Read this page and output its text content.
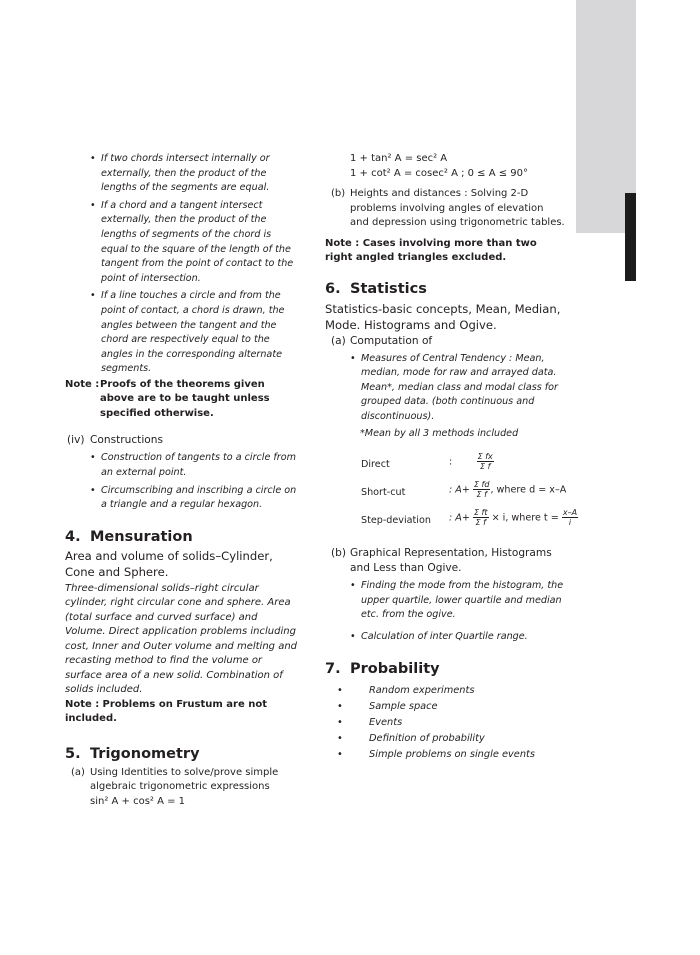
• If two chords intersect internally or externally, then the product of the lengths of the segments are equal.
• If a chord and a tangent intersect externally, then the product of the lengths of segments of the chord is equal to the square of the length of the tangent from the point of contact to the point of intersection.
• If a line touches a circle and from the point of contact, a chord is drawn, the angles between the tangent and the chord are respectively equal to the angles in the corresponding alternate segments.
Note : Proofs of the theorems given above are to be taught unless specified otherwise.
(iv) Constructions
• Construction of tangents to a circle from an external point.
• Circumscribing and inscribing a circle on a triangle and a regular hexagon.
4. Mensuration
Area and volume of solids–Cylinder, Cone and Sphere.
Three-dimensional solids–right circular cylinder, right circular cone and sphere. Area (total surface and curved surface) and Volume. Direct application problems including cost, Inner and Outer volume and melting and recasting method to find the volume or surface area of a new solid. Combination of solids included.
Note : Problems on Frustum are not included.
5. Trigonometry
(a) Using Identities to solve/prove simple algebraic trigonometric expressions
sin² A + cos² A = 1
1 + tan² A = sec² A
1 + cot² A = cosec² A ; 0 ≤ A ≤ 90°
(b) Heights and distances : Solving 2-D problems involving angles of elevation and depression using trigonometric tables.
Note : Cases involving more than two right angled triangles excluded.
6. Statistics
Statistics-basic concepts, Mean, Median, Mode. Histograms and Ogive.
(a) Computation of
• Measures of Central Tendency : Mean, median, mode for raw and arrayed data. Mean*, median class and modal class for grouped data. (both continuous and discontinuous).
*Mean by all 3 methods included
Direct	:	$\frac{\text{Σ fx}}{\text{Σ f}}$
Short-cut	: $A+ \frac{\text{Σ fd}}{\text{Σ f}}$ , where d = x–A
Step-deviation : $A+ \frac{\text{Σ ft}}{\text{Σ f}} \times i$, where $t = \frac{x-A}{i}$
(b) Graphical Representation, Histograms and Less than Ogive.
• Finding the mode from the histogram, the upper quartile, lower quartile and median etc. from the ogive.
• Calculation of inter Quartile range.
7. Probability
•	Random experiments
•	Sample space
•	Events
•	Definition of probability
•	Simple problems on single events
